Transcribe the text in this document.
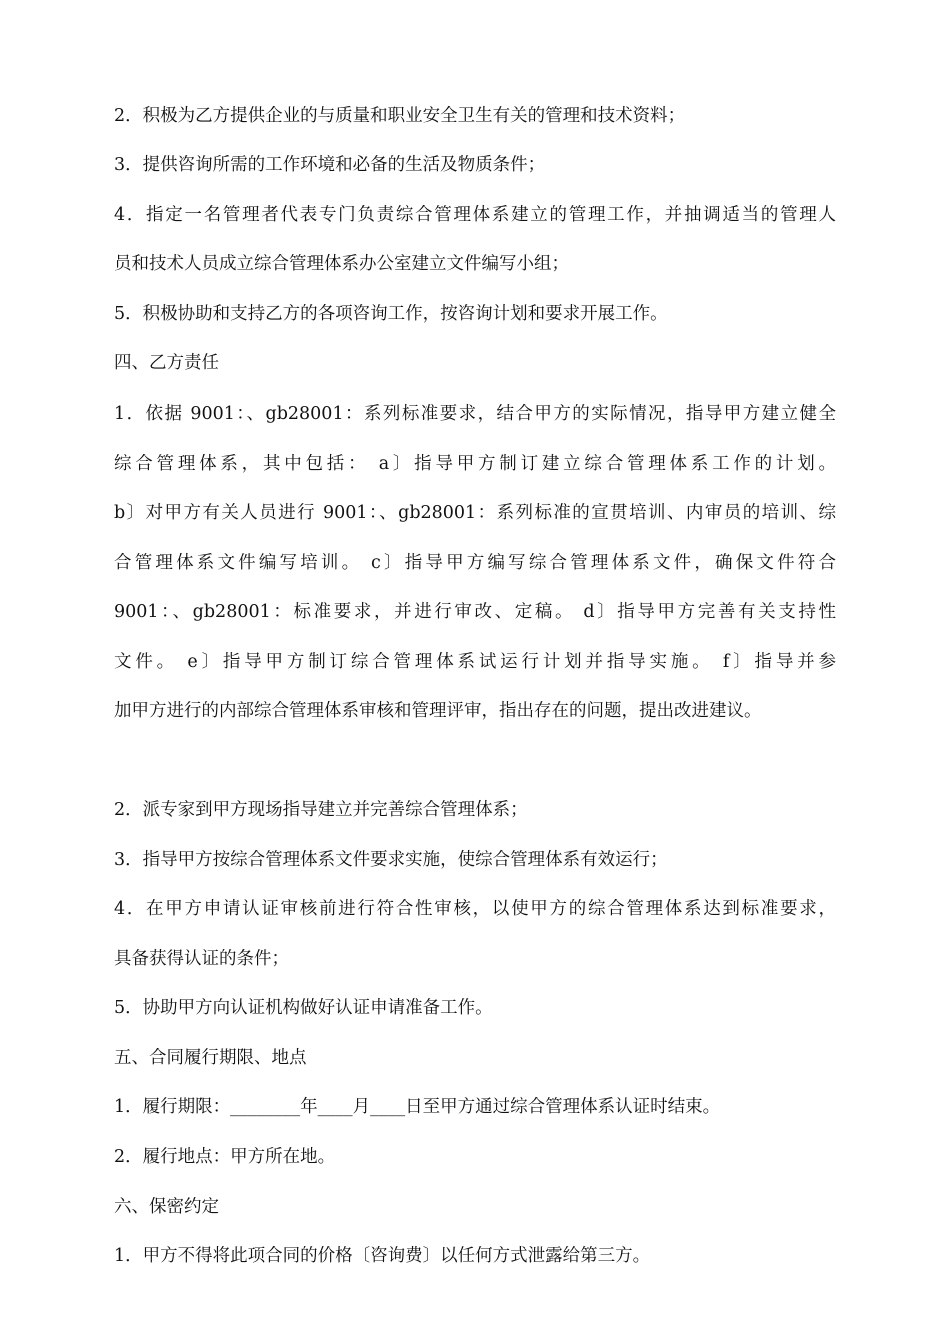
2．积极为乙方提供企业的与质量和职业安全卫生有关的管理和技术资料；
3．提供咨询所需的工作环境和必备的生活及物质条件；
4．指定一名管理者代表专门负责综合管理体系建立的管理工作，并抽调适当的管理人
员和技术人员成立综合管理体系办公室建立文件编写小组；
5．积极协助和支持乙方的各项咨询工作，按咨询计划和要求开展工作。
四、乙方责任
1．依据 9001：、gb28001：系列标准要求，结合甲方的实际情况，指导甲方建立健全
综合管理体系，其中包括： a〕指导甲方制订建立综合管理体系工作的计划。
b〕对甲方有关人员进行 9001：、gb28001：系列标准的宣贯培训、内审员的培训、综
合管理体系文件编写培训。 c〕指导甲方编写综合管理体系文件，确保文件符合
9001：、gb28001：标准要求，并进行审改、定稿。 d〕指导甲方完善有关支持性
文件。 e〕指导甲方制订综合管理体系试运行计划并指导实施。 f〕指导并参
加甲方进行的内部综合管理体系审核和管理评审，指出存在的问题，提出改进建议。
2．派专家到甲方现场指导建立并完善综合管理体系；
3．指导甲方按综合管理体系文件要求实施，使综合管理体系有效运行；
4．在甲方申请认证审核前进行符合性审核，以使甲方的综合管理体系达到标准要求，
具备获得认证的条件；
5．协助甲方向认证机构做好认证申请准备工作。
五、合同履行期限、地点
1．履行期限：________年____月____日至甲方通过综合管理体系认证时结束。
2．履行地点：甲方所在地。
六、保密约定
1．甲方不得将此项合同的价格〔咨询费〕以任何方式泄露给第三方。
